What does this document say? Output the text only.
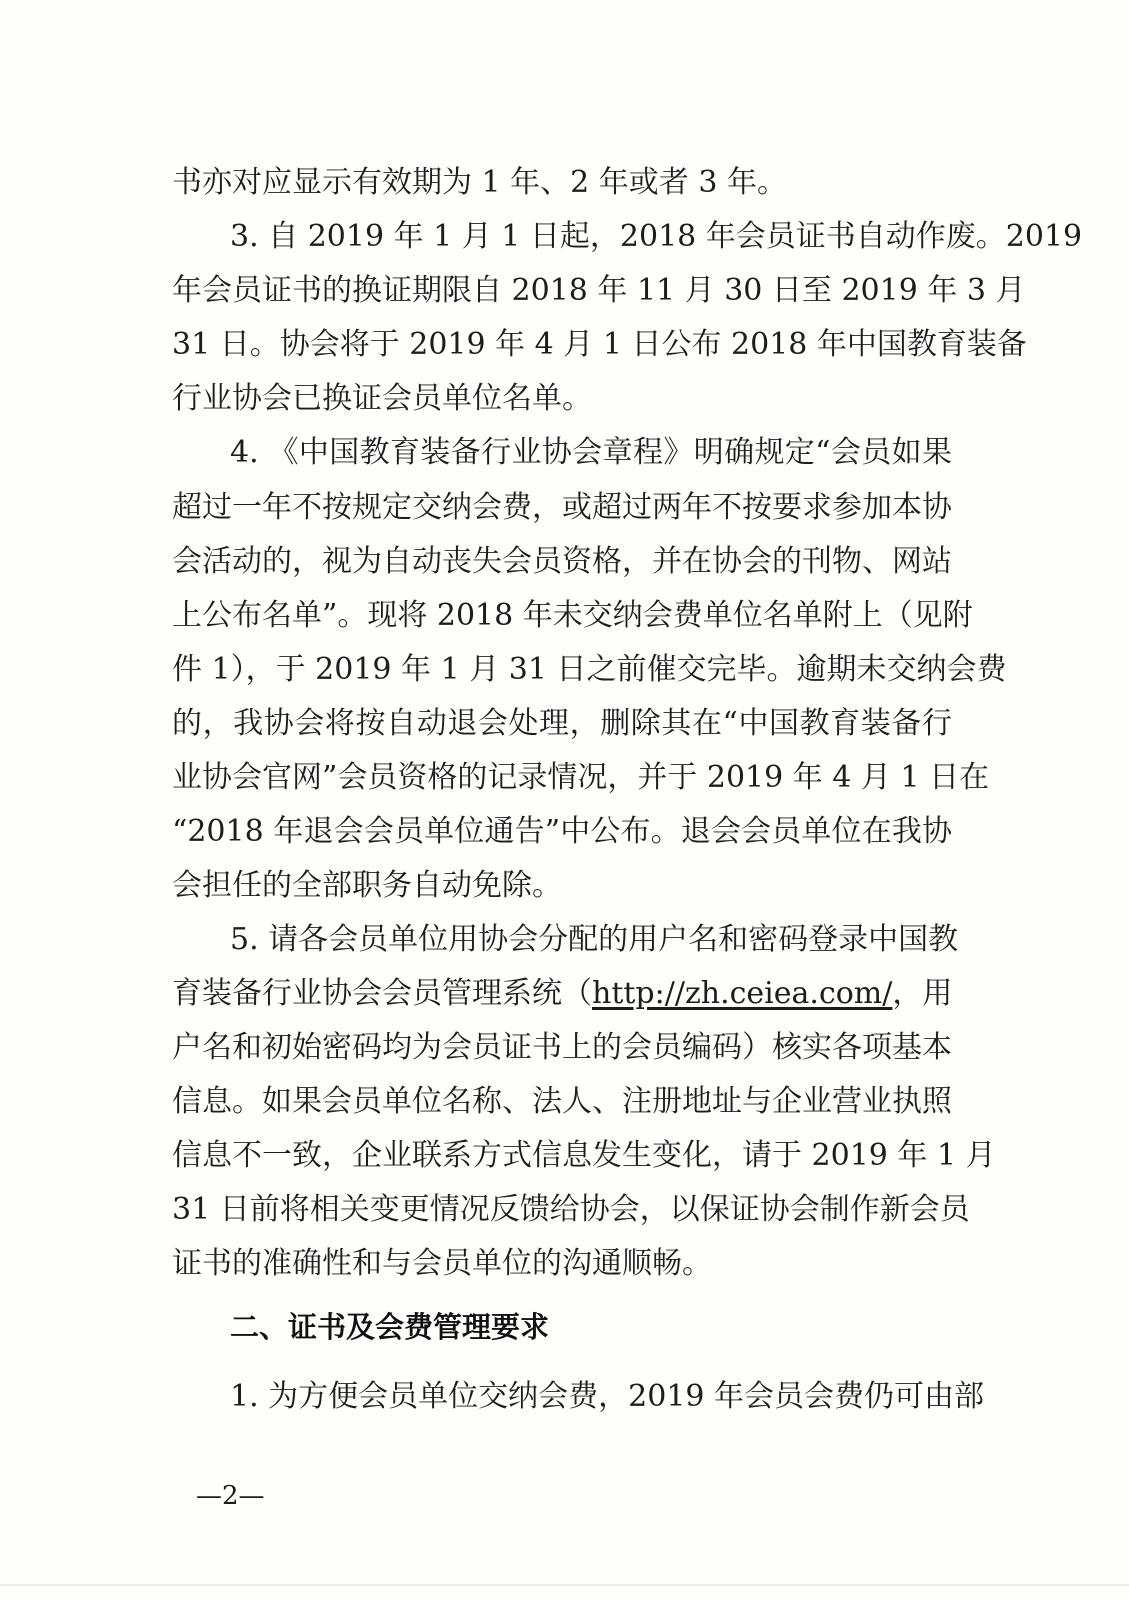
书亦对应显示有效期为 1 年、2 年或者 3 年。
3. 自 2019 年 1 月 1 日起，2018 年会员证书自动作废。2019
年会员证书的换证期限自 2018 年 11 月 30 日至 2019 年 3 月
31 日。协会将于 2019 年 4 月 1 日公布 2018 年中国教育装备
行业协会已换证会员单位名单。
4. 《中国教育装备行业协会章程》明确规定“会员如果
超过一年不按规定交纳会费，或超过两年不按要求参加本协
会活动的，视为自动丧失会员资格，并在协会的刊物、网站
上公布名单”。现将 2018 年未交纳会费单位名单附上（见附
件 1），于 2019 年 1 月 31 日之前催交完毕。逾期未交纳会费
的，我协会将按自动退会处理，删除其在“中国教育装备行
业协会官网”会员资格的记录情况，并于 2019 年 4 月 1 日在
“2018 年退会会员单位通告”中公布。退会会员单位在我协
会担任的全部职务自动免除。
5. 请各会员单位用协会分配的用户名和密码登录中国教
育装备行业协会会员管理系统（http://zh.ceiea.com/，用
户名和初始密码均为会员证书上的会员编码）核实各项基本
信息。如果会员单位名称、法人、注册地址与企业营业执照
信息不一致，企业联系方式信息发生变化，请于 2019 年 1 月
31 日前将相关变更情况反馈给协会，以保证协会制作新会员
二、证书及会费管理要求
1. 为方便会员单位交纳会费，2019 年会员会费仍可由部
—2—
证书的准确性和与会员单位的沟通顺畅。
